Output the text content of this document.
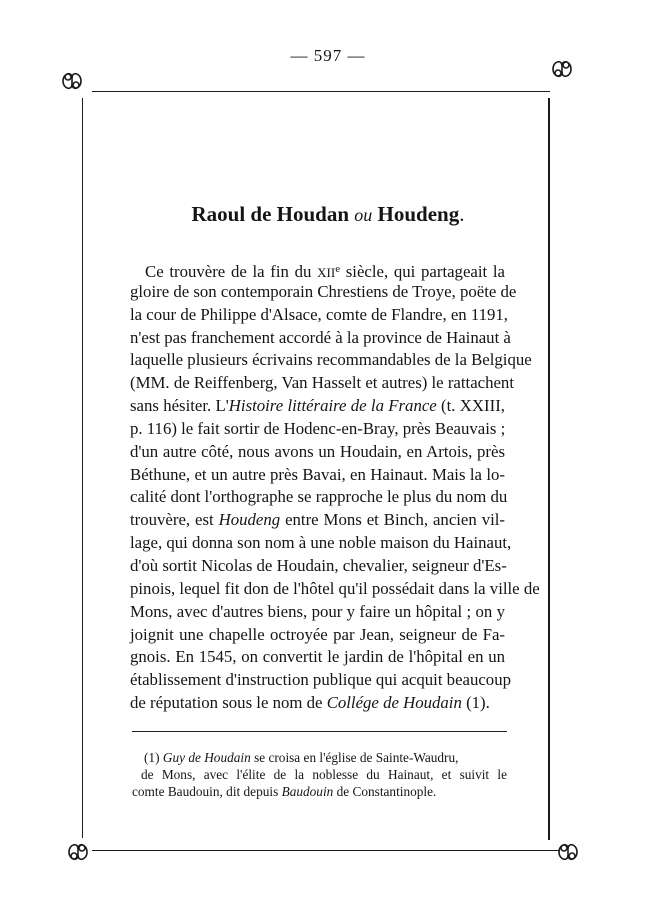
— 597 —
Raoul de Houdan ou Houdeng.
Ce trouvère de la fin du XIIe siècle, qui partageait la
gloire de son contemporain Chrestiens de Troye, poëte de
la cour de Philippe d'Alsace, comte de Flandre, en 1191,
n'est pas franchement accordé à la province de Hainaut à
laquelle plusieurs écrivains recommandables de la Belgique
(MM. de Reiffenberg, Van Hasselt et autres) le rattachent
sans hésiter. L'Histoire littéraire de la France (t. XXIII,
p. 116) le fait sortir de Hodenc-en-Bray, près Beauvais ;
d'un autre côté, nous avons un Houdain, en Artois, près
Béthune, et un autre près Bavai, en Hainaut. Mais la lo-
calité dont l'orthographe se rapproche le plus du nom du
trouvère, est Houdeng entre Mons et Binch, ancien vil-
lage, qui donna son nom à une noble maison du Hainaut,
d'où sortit Nicolas de Houdain, chevalier, seigneur d'Es-
pinois, lequel fit don de l'hôtel qu'il possédait dans la ville de
Mons, avec d'autres biens, pour y faire un hôpital ; on y
joignit une chapelle octroyée par Jean, seigneur de Fa-
gnois. En 1545, on convertit le jardin de l'hôpital en un
établissement d'instruction publique qui acquit beaucoup
de réputation sous le nom de Collége de Houdain (1).
(1) Guy de Houdain se croisa en l'église de Sainte-Waudru,
de Mons, avec l'élite de la noblesse du Hainaut, et suivit le
comte Baudouin, dit depuis Baudouin de Constantinople.
